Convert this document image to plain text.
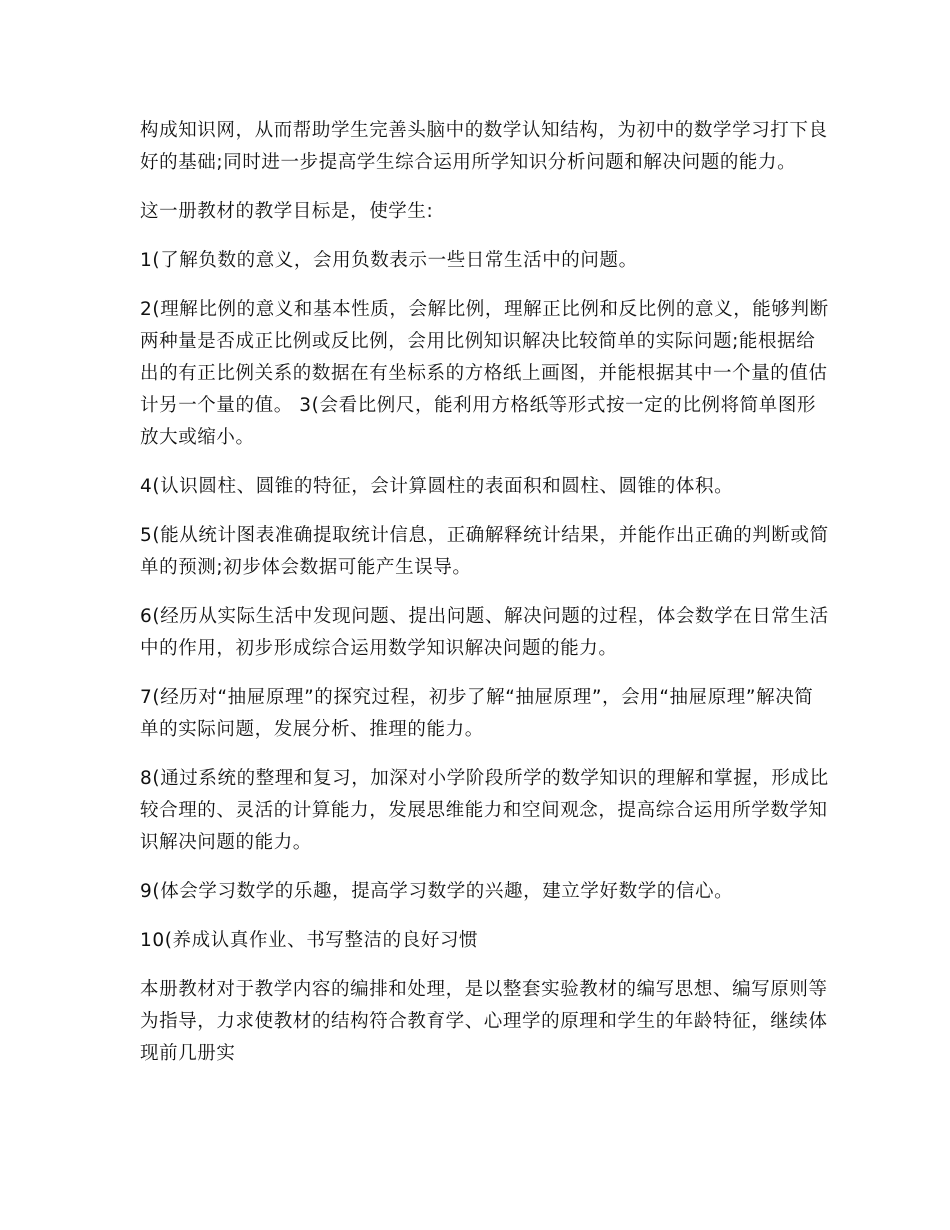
构成知识网，从而帮助学生完善头脑中的数学认知结构，为初中的数学学习打下良好的基础;同时进一步提高学生综合运用所学知识分析问题和解决问题的能力。

这一册教材的教学目标是，使学生:

1(了解负数的意义，会用负数表示一些日常生活中的问题。

2(理解比例的意义和基本性质，会解比例，理解正比例和反比例的意义，能够判断两种量是否成正比例或反比例，会用比例知识解决比较简单的实际问题;能根据给出的有正比例关系的数据在有坐标系的方格纸上画图，并能根据其中一个量的值估计另一个量的值。 3(会看比例尺，能利用方格纸等形式按一定的比例将简单图形放大或缩小。

4(认识圆柱、圆锥的特征，会计算圆柱的表面积和圆柱、圆锥的体积。

5(能从统计图表准确提取统计信息，正确解释统计结果，并能作出正确的判断或简单的预测;初步体会数据可能产生误导。

6(经历从实际生活中发现问题、提出问题、解决问题的过程，体会数学在日常生活中的作用，初步形成综合运用数学知识解决问题的能力。

7(经历对“抽屉原理”的探究过程，初步了解“抽屉原理”，会用“抽屉原理”解决简单的实际问题，发展分析、推理的能力。

8(通过系统的整理和复习，加深对小学阶段所学的数学知识的理解和掌握，形成比较合理的、灵活的计算能力，发展思维能力和空间观念，提高综合运用所学数学知识解决问题的能力。

9(体会学习数学的乐趣，提高学习数学的兴趣，建立学好数学的信心。

10(养成认真作业、书写整洁的良好习惯

本册教材对于教学内容的编排和处理，是以整套实验教材的编写思想、编写原则等为指导，力求使教材的结构符合教育学、心理学的原理和学生的年龄特征，继续体现前几册实
